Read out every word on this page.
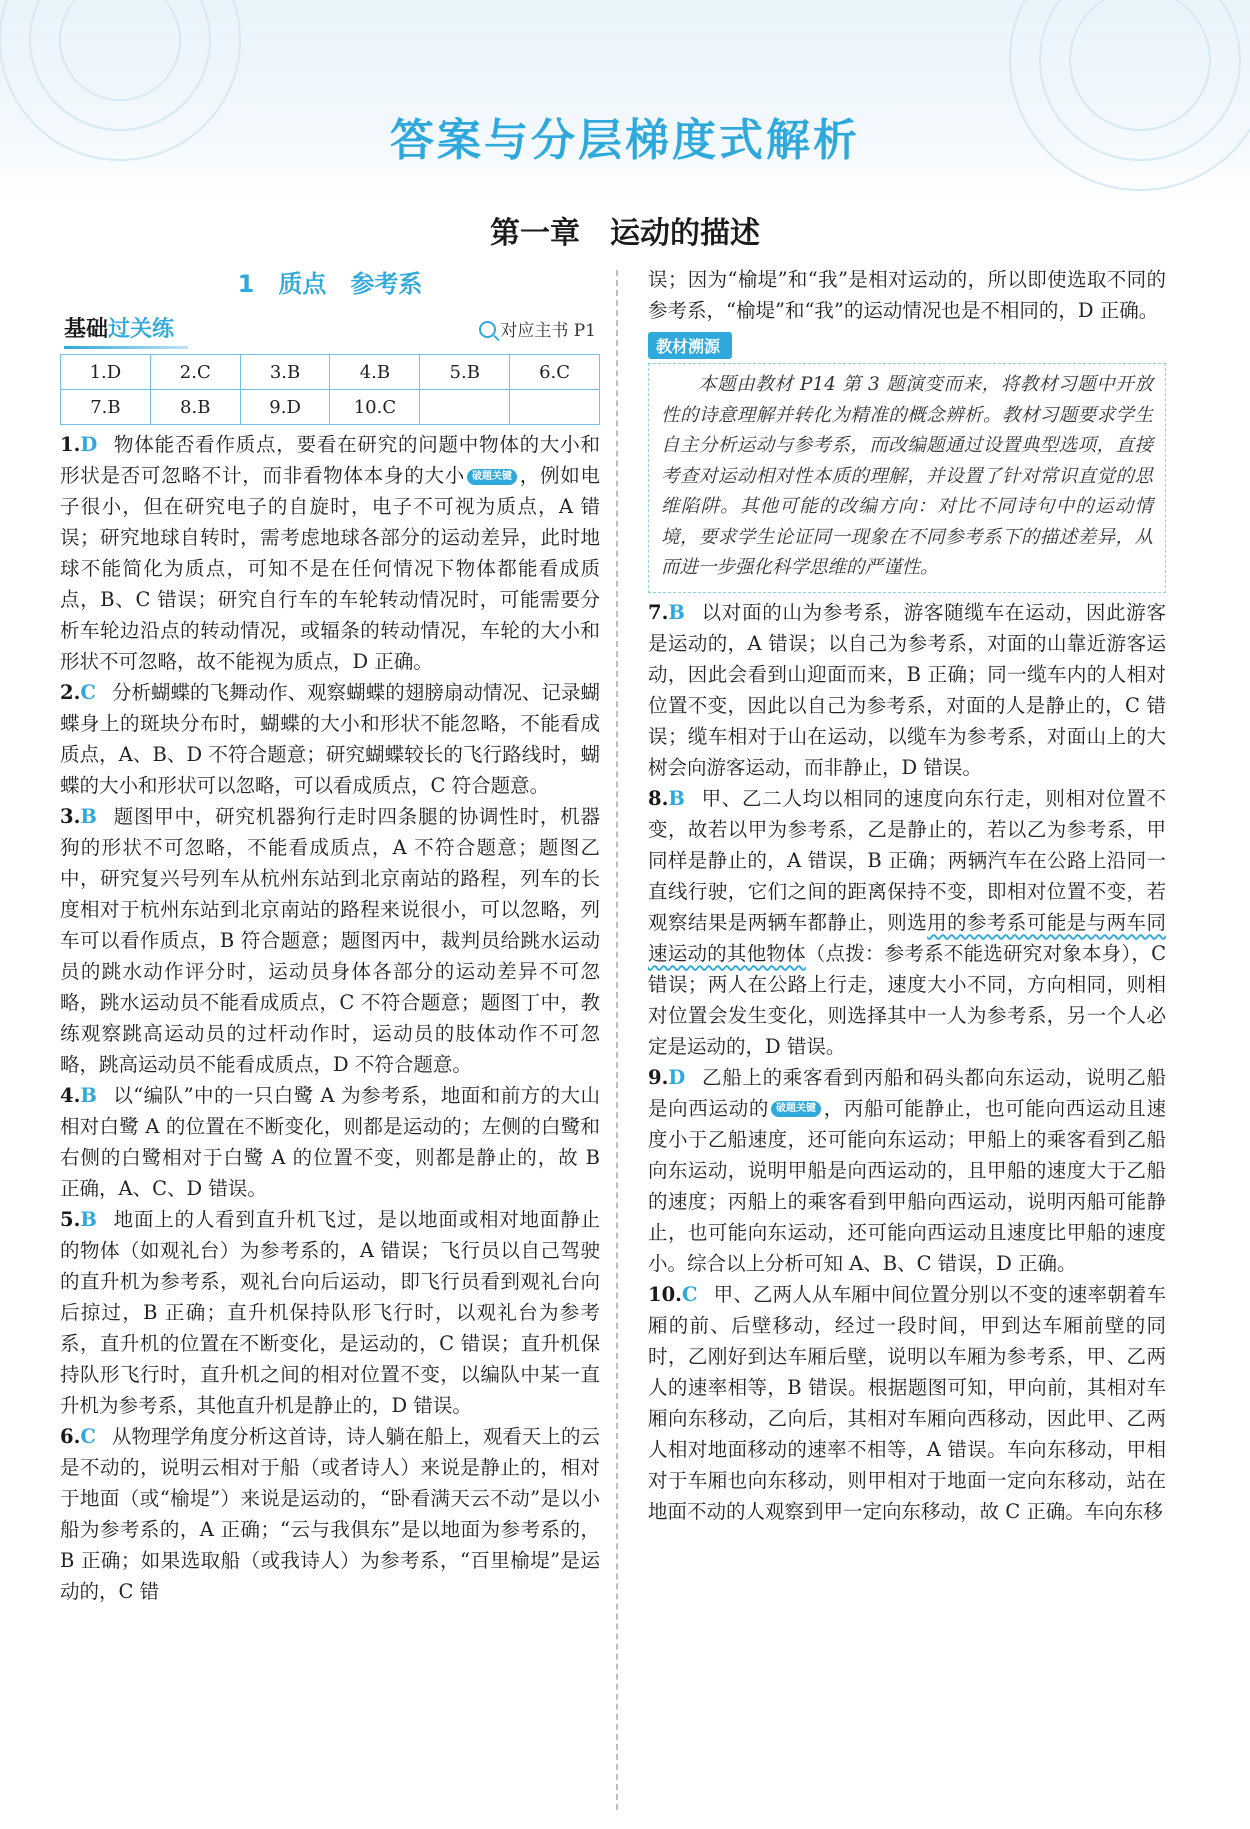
答案与分层梯度式解析
第一章　运动的描述
1　质点　参考系
基础过关练	对应主书 P1
1.D	2.C	3.B	4.B	5.B	6.C
7.B	8.B	9.D	10.C		

1.D 物体能否看作质点，要看在研究的问题中物体的大小和形状是否可忽略不计，而非看物体本身的大小 破题关键 ，例如电子很小，但在研究电子的自旋时，电子不可视为质点，A 错误；研究地球自转时，需考虑地球各部分的运动差异，此时地球不能简化为质点，可知不是在任何情况下物体都能看成质点，B、C 错误；研究自行车的车轮转动情况时，可能需要分析车轮边沿点的转动情况，或辐条的转动情况，车轮的大小和形状不可忽略，故不能视为质点，D 正确。

2.C 分析蝴蝶的飞舞动作、观察蝴蝶的翅膀扇动情况、记录蝴蝶身上的斑块分布时，蝴蝶的大小和形状不能忽略，不能看成质点，A、B、D 不符合题意；研究蝴蝶较长的飞行路线时，蝴蝶的大小和形状可以忽略，可以看成质点，C 符合题意。

3.B 题图甲中，研究机器狗行走时四条腿的协调性时，机器狗的形状不可忽略，不能看成质点，A 不符合题意；题图乙中，研究复兴号列车从杭州东站到北京南站的路程，列车的长度相对于杭州东站到北京南站的路程来说很小，可以忽略，列车可以看作质点，B 符合题意；题图丙中，裁判员给跳水运动员的跳水动作评分时，运动员身体各部分的运动差异不可忽略，跳水运动员不能看成质点，C 不符合题意；题图丁中，教练观察跳高运动员的过杆动作时，运动员的肢体动作不可忽略，跳高运动员不能看成质点，D 不符合题意。

4.B 以“编队”中的一只白鹭 A 为参考系，地面和前方的大山相对白鹭 A 的位置在不断变化，则都是运动的；左侧的白鹭和右侧的白鹭相对于白鹭 A 的位置不变，则都是静止的，故 B 正确，A、C、D 错误。

5.B 地面上的人看到直升机飞过，是以地面或相对地面静止的物体（如观礼台）为参考系的，A 错误；飞行员以自己驾驶的直升机为参考系，观礼台向后运动，即飞行员看到观礼台向后掠过，B 正确；直升机保持队形飞行时，以观礼台为参考系，直升机的位置在不断变化，是运动的，C 错误；直升机保持队形飞行时，直升机之间的相对位置不变，以编队中某一直升机为参考系，其他直升机是静止的，D 错误。

6.C 从物理学角度分析这首诗，诗人躺在船上，观看天上的云是不动的，说明云相对于船（或者诗人）来说是静止的，相对于地面（或“榆堤”）来说是运动的，“卧看满天云不动”是以小船为参考系的，A 正确；“云与我俱东”是以地面为参考系的，B 正确；如果选取船（或我诗人）为参考系，“百里榆堤”是运动的，C 错

误；因为“榆堤”和“我”是相对运动的，所以即使选取不同的参考系，“榆堤”和“我”的运动情况也是不相同的，D 正确。

教材溯源
本题由教材 P14 第 3 题演变而来，将教材习题中开放性的诗意理解并转化为精准的概念辨析。教材习题要求学生自主分析运动与参考系，而改编题通过设置典型选项，直接考查对运动相对性本质的理解，并设置了针对常识直觉的思维陷阱。其他可能的改编方向：对比不同诗句中的运动情境，要求学生论证同一现象在不同参考系下的描述差异，从而进一步强化科学思维的严谨性。

7.B 以对面的山为参考系，游客随缆车在运动，因此游客是运动的，A 错误；以自己为参考系，对面的山靠近游客运动，因此会看到山迎面而来，B 正确；同一缆车内的人相对位置不变，因此以自己为参考系，对面的人是静止的，C 错误；缆车相对于山在运动，以缆车为参考系，对面山上的大树会向游客运动，而非静止，D 错误。

8.B 甲、乙二人均以相同的速度向东行走，则相对位置不变，故若以甲为参考系，乙是静止的，若以乙为参考系，甲同样是静止的，A 错误，B 正确；两辆汽车在公路上沿同一直线行驶，它们之间的距离保持不变，即相对位置不变，若观察结果是两辆车都静止，则选用的参考系可能是与两车同速运动的其他物体（点拨：参考系不能选研究对象本身），C 错误；两人在公路上行走，速度大小不同，方向相同，则相对位置会发生变化，则选择其中一人为参考系，另一个人必定是运动的，D 错误。

9.D 乙船上的乘客看到丙船和码头都向东运动，说明乙船是向西运动的 破题关键 ，丙船可能静止，也可能向西运动且速度小于乙船速度，还可能向东运动；甲船上的乘客看到乙船向东运动，说明甲船是向西运动的，且甲船的速度大于乙船的速度；丙船上的乘客看到甲船向西运动，说明丙船可能静止，也可能向东运动，还可能向西运动且速度比甲船的速度小。综合以上分析可知 A、B、C 错误，D 正确。

10.C 甲、乙两人从车厢中间位置分别以不变的速率朝着车厢的前、后壁移动，经过一段时间，甲到达车厢前壁的同时，乙刚好到达车厢后壁，说明以车厢为参考系，甲、乙两人的速率相等，B 错误。根据题图可知，甲向前，其相对车厢向东移动，乙向后，其相对车厢向西移动，因此甲、乙两人相对地面移动的速率不相等，A 错误。车向东移动，甲相对于车厢也向东移动，则甲相对于地面一定向东移动，站在地面不动的人观察到甲一定向东移动，故 C 正确。车向东移
